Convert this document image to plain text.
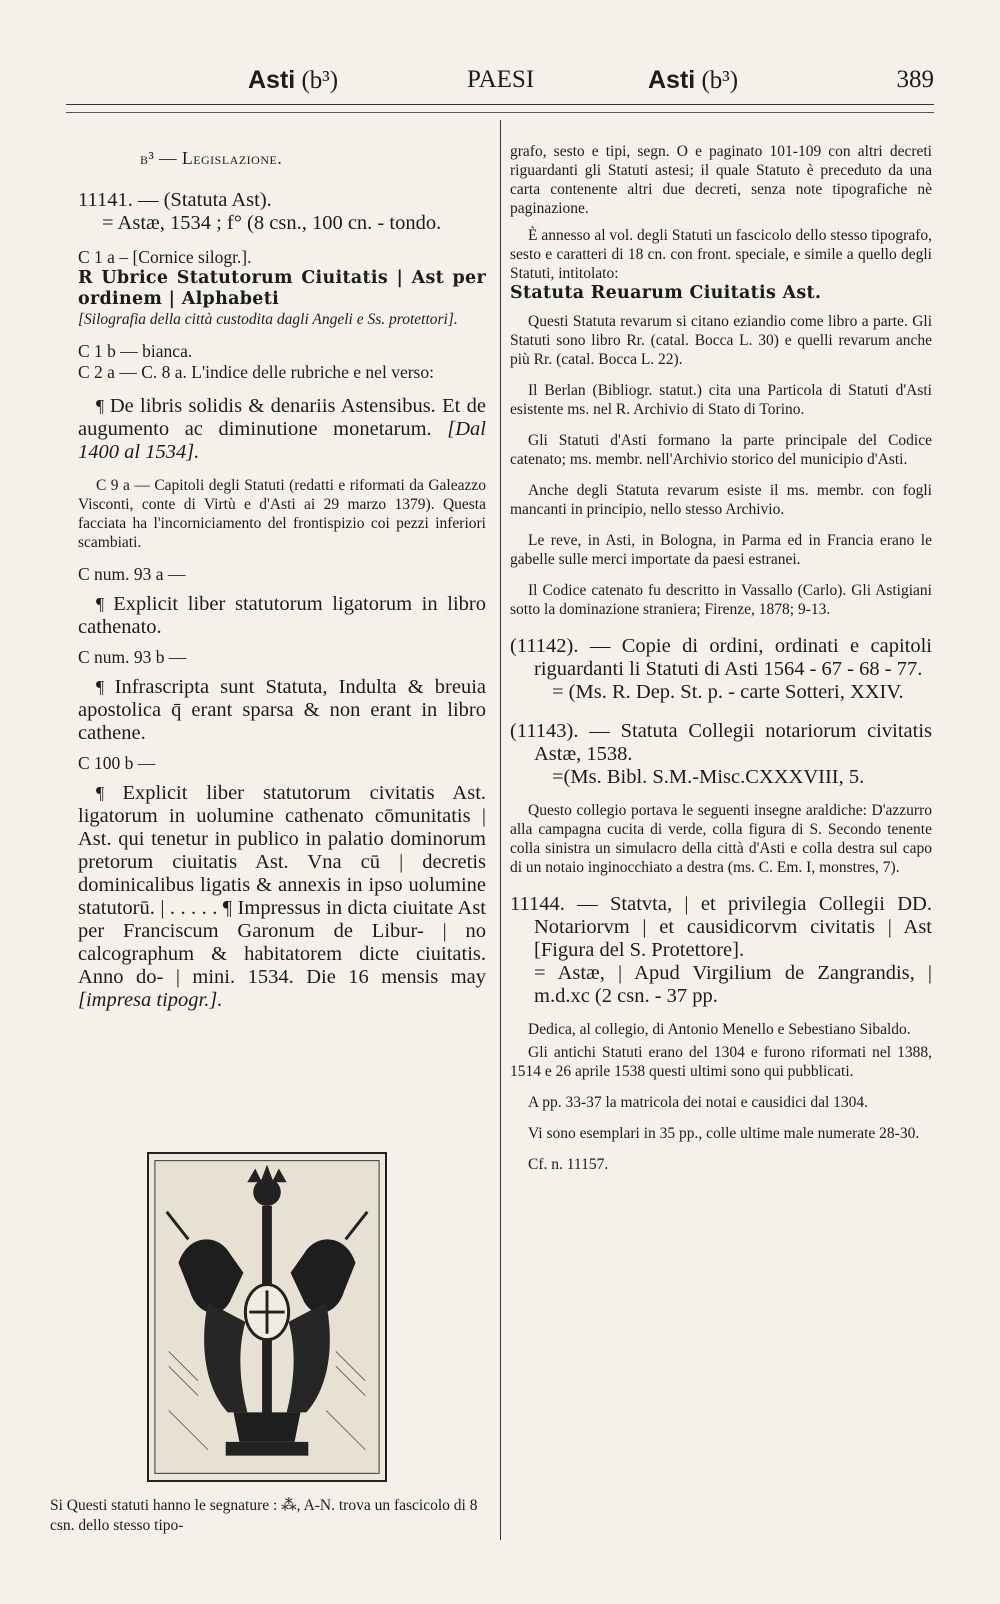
Asti (b³)	PAESI	Asti (b³)	389

b³ — Legislazione.

11141. — (Statuta Ast).

= Astæ, 1534 ; f° (8 csn., 100 cn. - tondo.

C 1 a – [Cornice silogr.].

R Ubrice Statutorum Ciuitatis | Ast per ordinem | Alphabeti

[Silografia della città custodita dagli Angeli e Ss. protettori].

C 1 b — bianca.

C 2 a — C. 8 a. L'indice delle rubriche e nel verso:

¶ De libris solidis & denariis Astensibus. Et de augumento ac diminutione monetarum. [Dal 1400 al 1534].

C 9 a — Capitoli degli Statuti (redatti e riformati da Galeazzo Visconti, conte di Virtù e d'Asti ai 29 marzo 1379). Questa facciata ha l'incorniciamento del frontispizio coi pezzi inferiori scambiati.

C num. 93 a —

¶ Explicit liber statutorum ligatorum in libro cathenato.

C num. 93 b —

¶ Infrascripta sunt Statuta, Indulta & breuia apostolica q̄ erant sparsa & non erant in libro cathene.

C 100 b —

¶ Explicit liber statutorum civitatis Ast. ligatorum in uolumine cathenato cōmunitatis | Ast. qui tenetur in publico in palatio dominorum pretorum ciuitatis Ast. Vna cū | decretis dominicalibus ligatis & annexis in ipso uolumine statutorū. | . . . . . ¶ Impressus in dicta ciuitate Ast per Franciscum Garonum de Libur- | no calcographum & habitatorem dicte ciuitatis. Anno do- | mini. 1534. Die 16 mensis may [impresa tipogr.].

Si Questi statuti hanno le segnature : ⁂, A-N. trova un fascicolo di 8 csn. dello stesso tipo-

grafo, sesto e tipi, segn. O e paginato 101-109 con altri decreti riguardanti gli Statuti astesi; il quale Statuto è preceduto da una carta contenente altri due decreti, senza note tipografiche nè paginazione.

È annesso al vol. degli Statuti un fascicolo dello stesso tipografo, sesto e caratteri di 18 cn. con front. speciale, e simile a quello degli Statuti, intitolato:

Statuta Reuarum Ciuitatis Ast.

Questi Statuta revarum si citano eziandio come libro a parte. Gli Statuti sono libro Rr. (catal. Bocca L. 30) e quelli revarum anche più Rr. (catal. Bocca L. 22).

Il Berlan (Bibliogr. statut.) cita una Particola di Statuti d'Asti esistente ms. nel R. Archivio di Stato di Torino.

Gli Statuti d'Asti formano la parte principale del Codice catenato; ms. membr. nell'Archivio storico del municipio d'Asti.

Anche degli Statuta revarum esiste il ms. membr. con fogli mancanti in principio, nello stesso Archivio.

Le reve, in Asti, in Bologna, in Parma ed in Francia erano le gabelle sulle merci importate da paesi estranei.

Il Codice catenato fu descritto in Vassallo (Carlo). Gli Astigiani sotto la dominazione straniera; Firenze, 1878; 9-13.

(11142). — Copie di ordini, ordinati e capitoli riguardanti li Statuti di Asti 1564 - 67 - 68 - 77.

= (Ms. R. Dep. St. p. - carte Sotteri, XXIV.

(11143). — Statuta Collegii notariorum civitatis Astæ, 1538.

=(Ms. Bibl. S.M.-Misc.CXXXVIII, 5.

Questo collegio portava le seguenti insegne araldiche: D'azzurro alla campagna cucita di verde, colla figura di S. Secondo tenente colla sinistra un simulacro della città d'Asti e colla destra sul capo di un notaio inginocchiato a destra (ms. C. Em. I, monstres, 7).

11144. — Statvta, | et privilegia Collegii DD. Notariorvm | et causidicorvm civitatis | Ast [Figura del S. Protettore].

= Astæ, | Apud Virgilium de Zangrandis, | m.d.xc (2 csn. - 37 pp.

Dedica, al collegio, di Antonio Menello e Sebestiano Sibaldo.

Gli antichi Statuti erano del 1304 e furono riformati nel 1388, 1514 e 26 aprile 1538 questi ultimi sono qui pubblicati.

A pp. 33-37 la matricola dei notai e causidici dal 1304.

Vi sono esemplari in 35 pp., colle ultime male numerate 28-30.

Cf. n. 11157.
